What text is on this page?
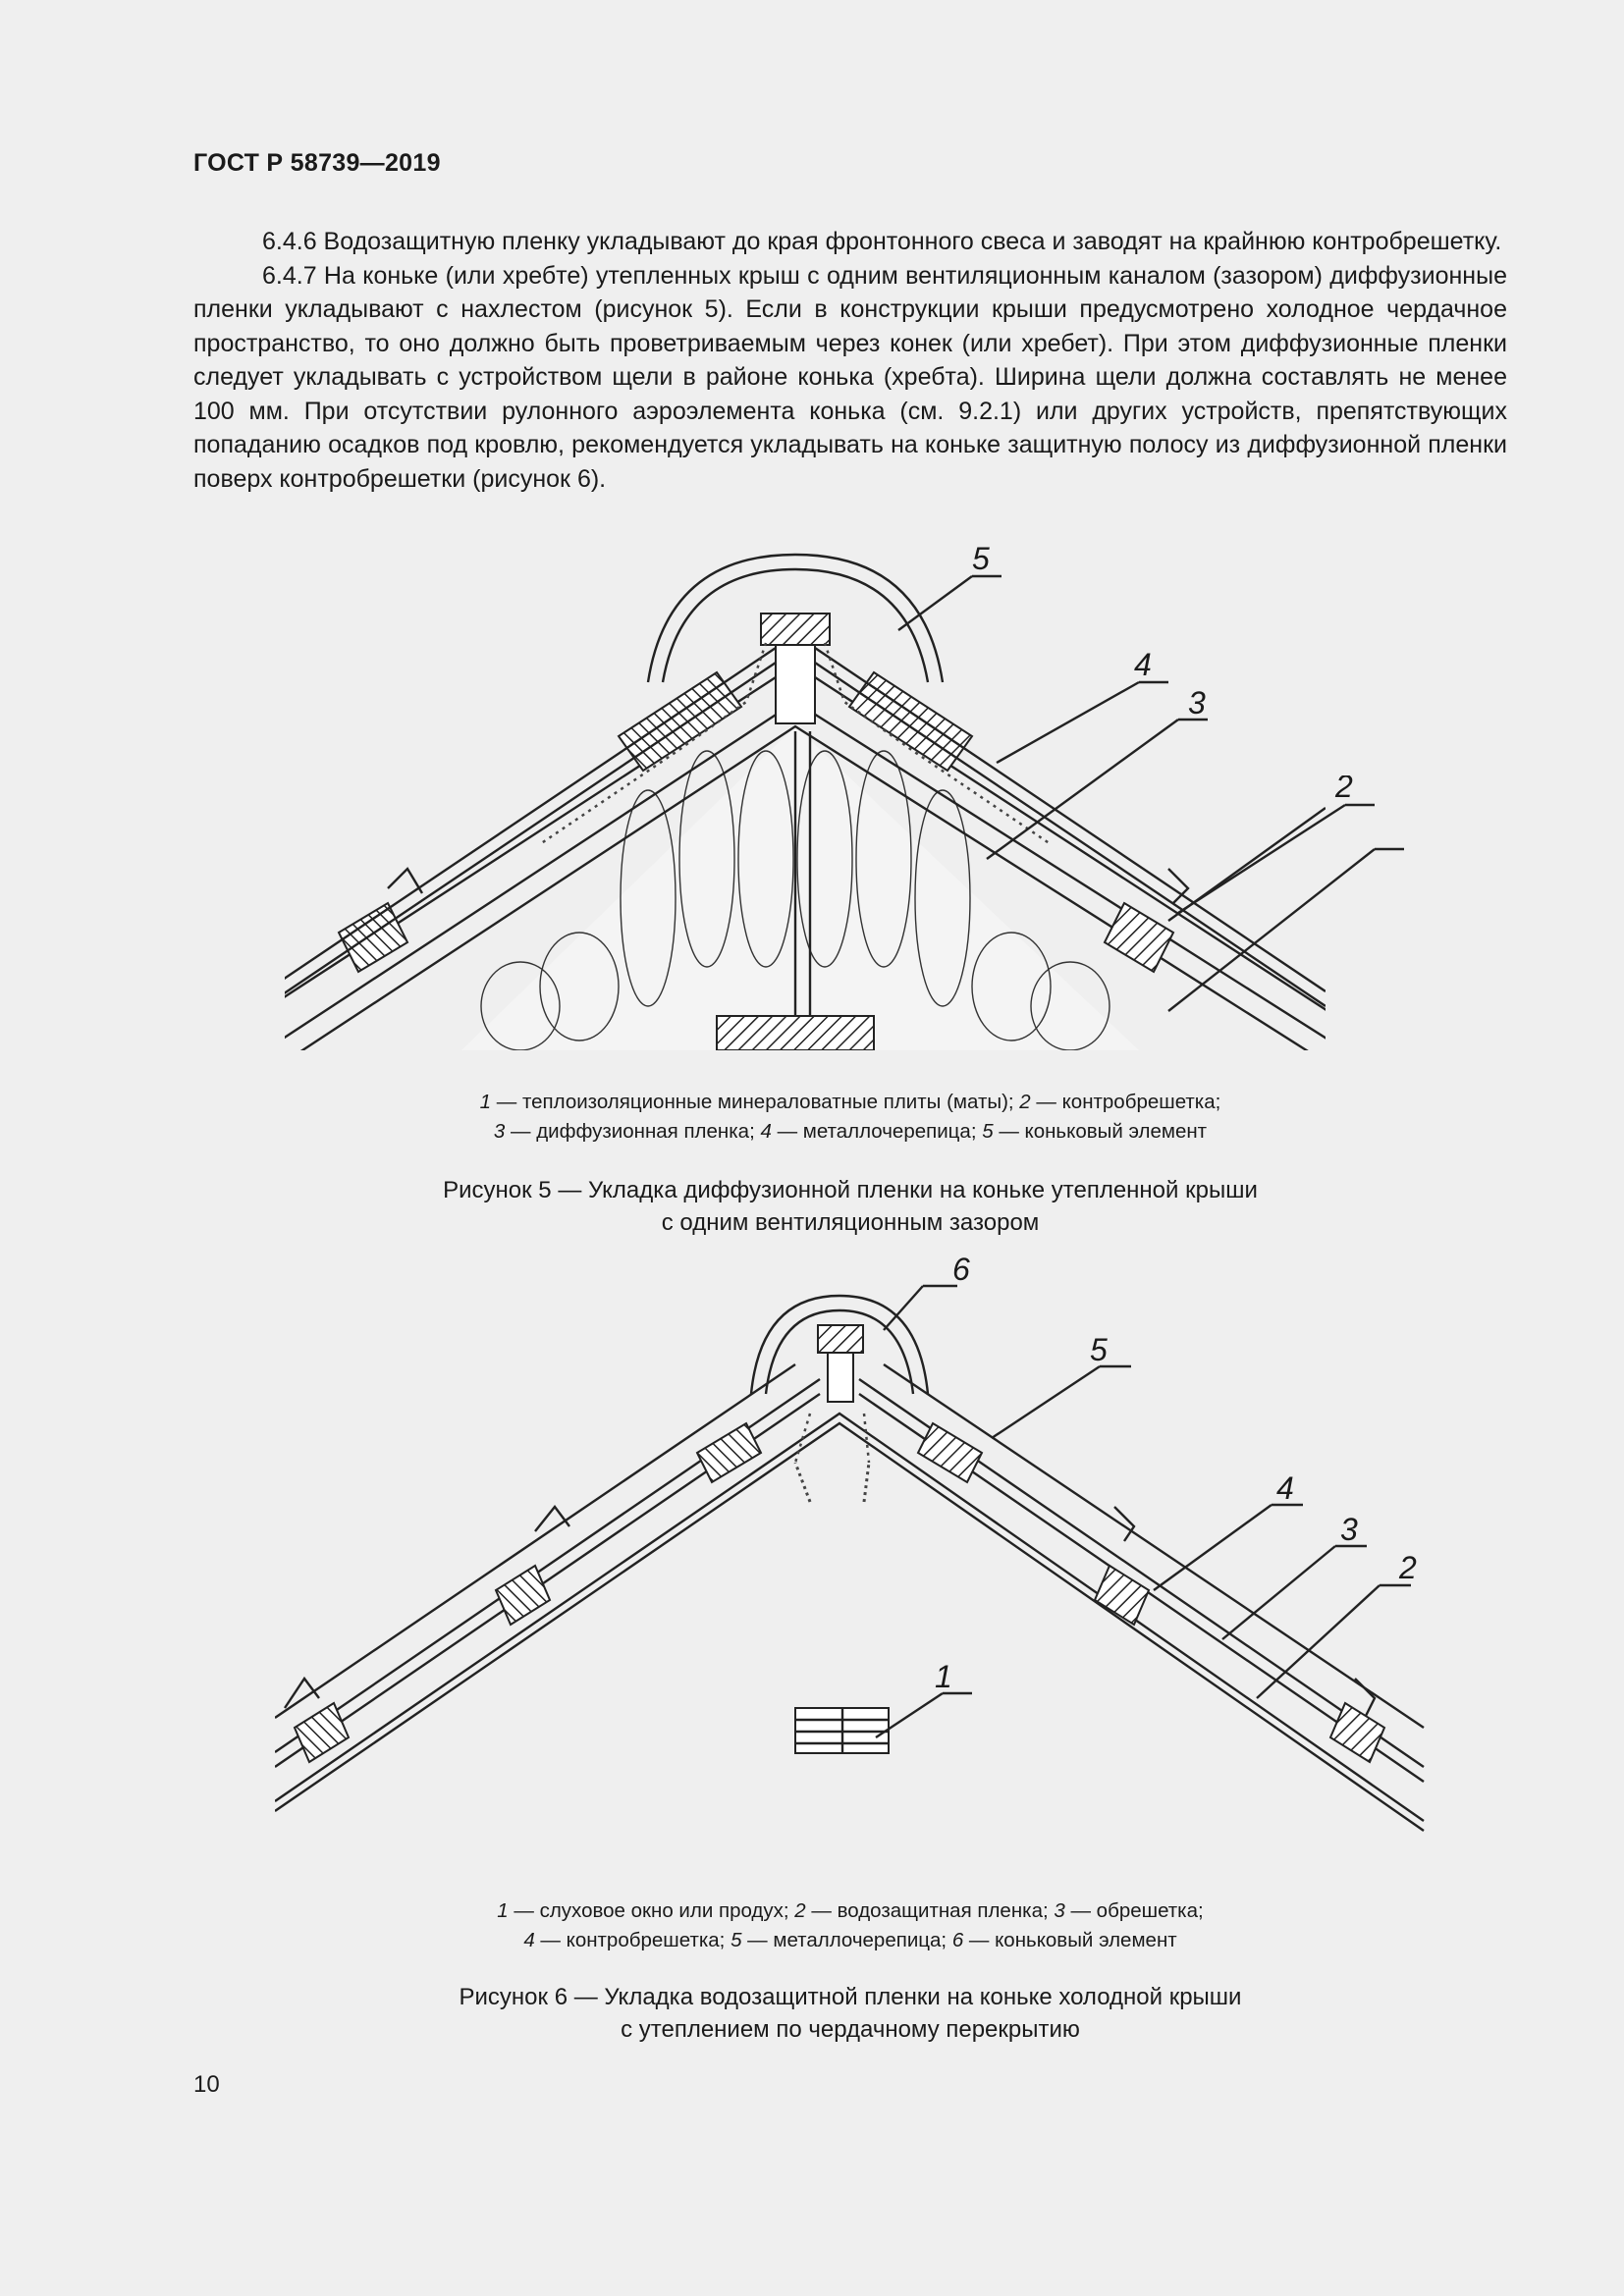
ГОСТ Р 58739—2019

6.4.6 Водозащитную пленку укладывают до края фронтонного свеса и заводят на крайнюю контробрешетку.

6.4.7 На коньке (или хребте) утепленных крыш с одним вентиляционным каналом (зазором) диффузионные пленки укладывают с нахлестом (рисунок 5). Если в конструкции крыши предусмотрено холодное чердачное пространство, то оно должно быть проветриваемым через конек (или хребет). При этом диффузионные пленки следует укладывать с устройством щели в районе конька (хребта). Ширина щели должна составлять не менее 100 мм. При отсутствии рулонного аэроэлемента конька (см. 9.2.1) или других устройств, препятствующих попаданию осадков под кровлю, рекомендуется укладывать на коньке защитную полосу из диффузионной пленки поверх контробрешетки (рисунок 6).

5
4
3
2
1 — теплоизоляционные минераловатные плиты (маты); 2 — контробрешетка;
3 — диффузионная пленка; 4 — металлочерепица; 5 — коньковый элемент
Рисунок 5 — Укладка диффузионной пленки на коньке утепленной крыши
с одним вентиляционным зазором
6
5
4
3
2
1
1 — слуховое окно или продух; 2 — водозащитная пленка; 3 — обрешетка;
4 — контробрешетка; 5 — металлочерепица; 6 — коньковый элемент
Рисунок 6 — Укладка водозащитной пленки на коньке холодной крыши
с утеплением по чердачному перекрытию
10
